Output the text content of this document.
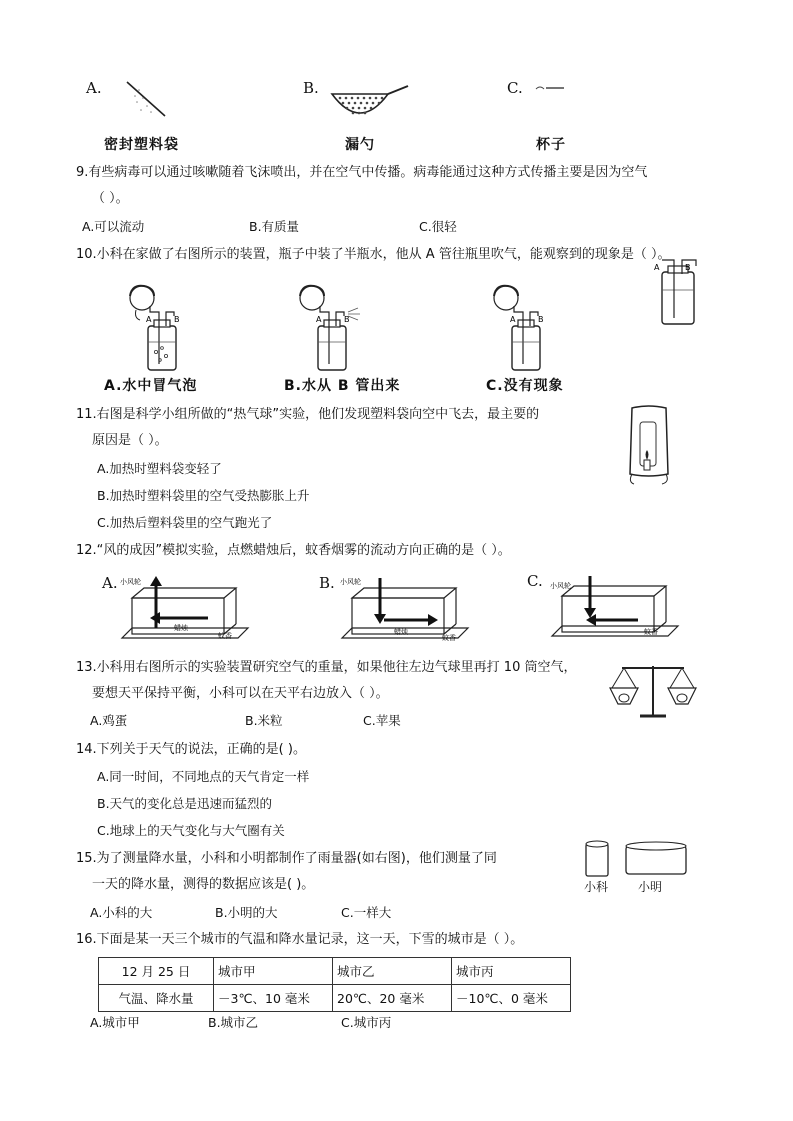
A.
密封塑料袋
B.
漏勺
C.
杯子
9.有些病毒可以通过咳嗽随着飞沫喷出，并在空气中传播。病毒能通过这种方式传播主要是因为空气
（ ）。
A.可以流动	B.有质量	C.很轻
10.小科在家做了右图所示的装置，瓶子中装了半瓶水，他从 A 管往瓶里吹气，能观察到的现象是（ ）。
A	B
A	B	A	B	A	B
A.水中冒气泡	B.水从 B 管出来	C.没有现象
11.右图是科学小组所做的“热气球”实验，他们发现塑料袋向空中飞去，最主要的
原因是（ ）。
A.加热时塑料袋变轻了
B.加热时塑料袋里的空气受热膨胀上升
C.加热后塑料袋里的空气跑光了
12.“风的成因”模拟实验，点燃蜡烛后，蚊香烟雾的流动方向正确的是（ ）。
A. 小风轮
蜡烛
蚊香
B. 小风轮
蜡烛
蚊香
C. 小风轮
蚊香
13.小科用右图所示的实验装置研究空气的重量，如果他往左边气球里再打 10 筒空气，
要想天平保持平衡，小科可以在天平右边放入（ ）。
A.鸡蛋	B.米粒	C.苹果
14.下列关于天气的说法，正确的是( )。
A.同一时间，不同地点的天气肯定一样
B.天气的变化总是迅速而猛烈的
C.地球上的天气变化与大气圈有关
15.为了测量降水量，小科和小明都制作了雨量器(如右图)，他们测量了同
一天的降水量，测得的数据应该是( )。
A.小科的大	B.小明的大	C.一样大
小科 小明
16.下面是某一天三个城市的气温和降水量记录，这一天，下雪的城市是（ ）。
12 月 25 日	城市甲	城市乙	城市丙
气温、降水量	－3℃、10 毫米	20℃、20 毫米	－10℃、0 毫米
A.城市甲	B.城市乙	C.城市丙
